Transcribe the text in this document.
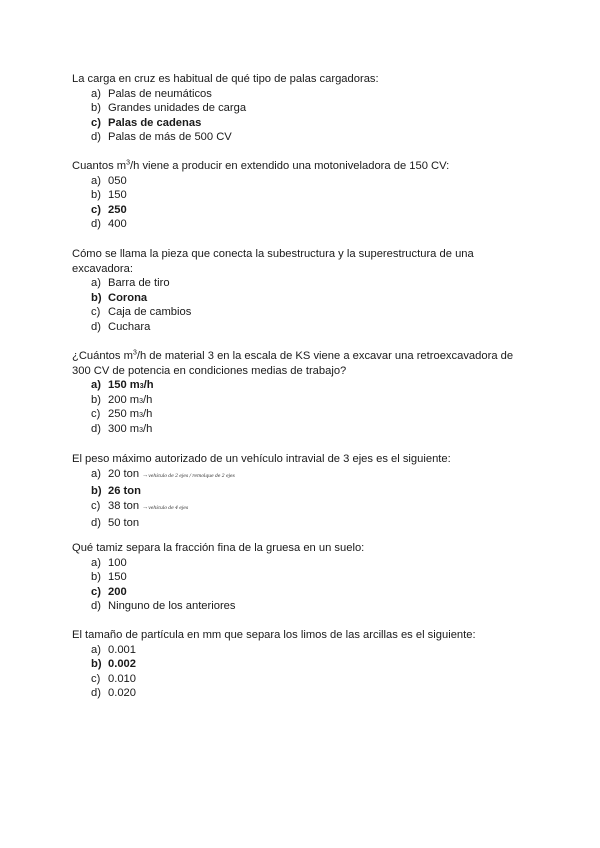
La carga en cruz es habitual de qué tipo de palas cargadoras:

a) Palas de neumáticos
b) Grandes unidades de carga
c) Palas de cadenas
d) Palas de más de 500 CV

Cuantos $m^3/h$ viene a producir en extendido una motoniveladora de 150 CV:

a) 050
b) 150
c) 250
d) 400

Cómo se llama la pieza que conecta la subestructura y la superestructura de una excavadora:

a) Barra de tiro
b) Corona
c) Caja de cambios
d) Cuchara

¿Cuántos $m^3/h$ de material 3 en la escala de KS viene a excavar una retroexcavadora de 300 CV de potencia en condiciones medias de trabajo?

a) 150 m 3 /h
b) 200 m 3 /h
c) 250 m 3 /h
d) 300 m 3 /h

El peso máximo autorizado de un vehículo intravial de 3 ejes es el siguiente:

a) 20 ton → vehículo de 2 ejes / remolque de 2 ejes
b) 26 ton
c) 38 ton → vehículo de 4 ejes
d) 50 ton

Qué tamiz separa la fracción fina de la gruesa en un suelo:

a) 100
b) 150
c) 200
d) Ninguno de los anteriores

El tamaño de partícula en mm que separa los limos de las arcillas es el siguiente:

a) 0.001
b) 0.002
c) 0.010
d) 0.020
